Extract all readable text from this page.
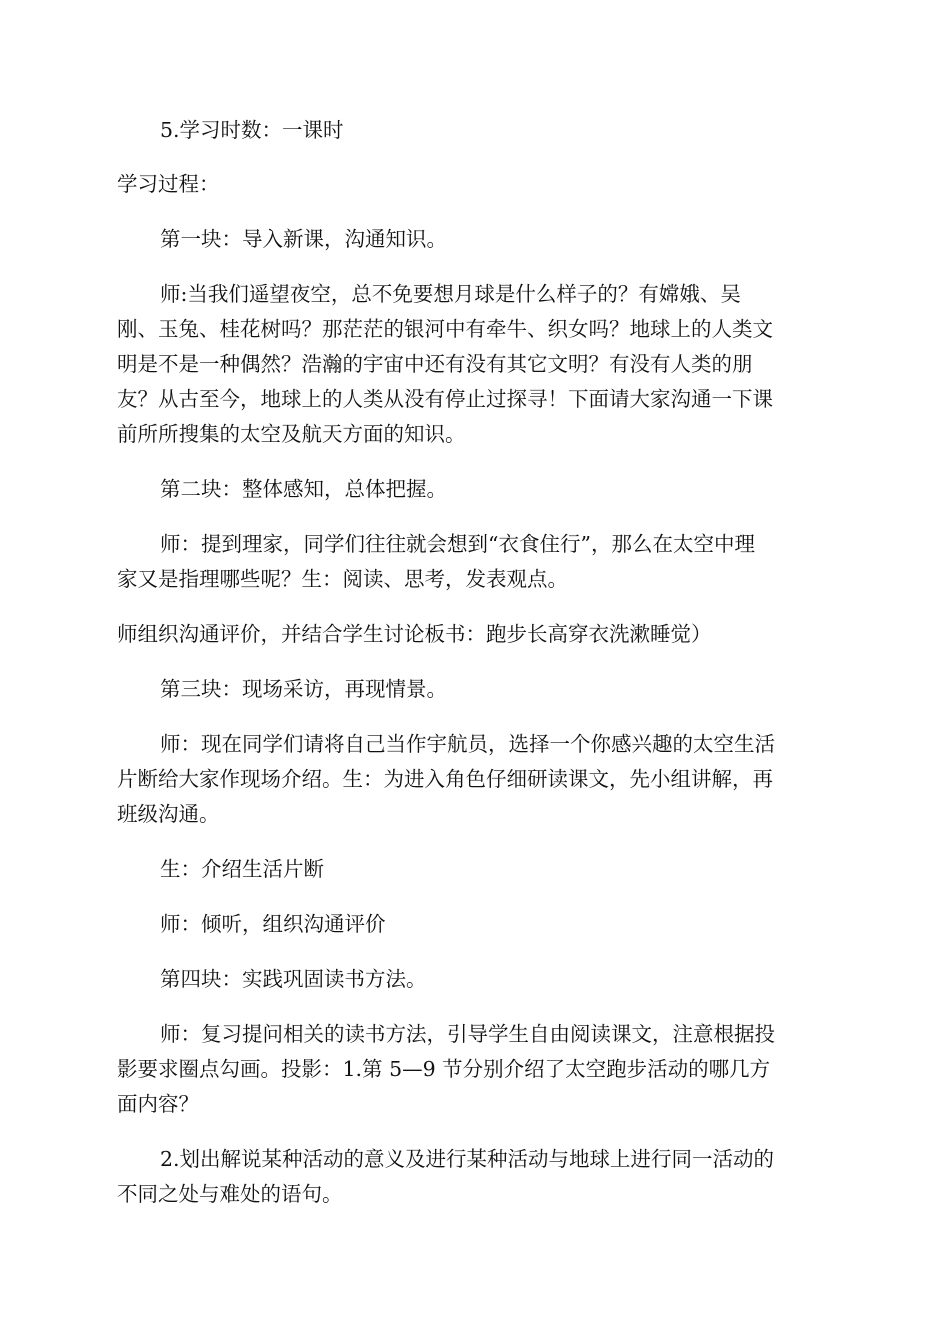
5.学习时数：一课时
学习过程：
第一块：导入新课，沟通知识。
师:当我们遥望夜空，总不免要想月球是什么样子的？有嫦娥、吴
刚、玉兔、桂花树吗？那茫茫的银河中有牵牛、织女吗？地球上的人类文
明是不是一种偶然？浩瀚的宇宙中还有没有其它文明？有没有人类的朋
友？从古至今，地球上的人类从没有停止过探寻！下面请大家沟通一下课
前所所搜集的太空及航天方面的知识。
第二块：整体感知，总体把握。
师：提到理家，同学们往往就会想到“衣食住行”，那么在太空中理
家又是指理哪些呢？生：阅读、思考，发表观点。
师组织沟通评价，并结合学生讨论板书：跑步长高穿衣洗漱睡觉）
第三块：现场采访，再现情景。
师：现在同学们请将自己当作宇航员，选择一个你感兴趣的太空生活
片断给大家作现场介绍。生：为进入角色仔细研读课文，先小组讲解，再
班级沟通。
生：介绍生活片断
师：倾听，组织沟通评价
第四块：实践巩固读书方法。
师：复习提问相关的读书方法，引导学生自由阅读课文，注意根据投
影要求圈点勾画。投影：1.第 5—9 节分别介绍了太空跑步活动的哪几方
面内容？
2.划出解说某种活动的意义及进行某种活动与地球上进行同一活动的
不同之处与难处的语句。
